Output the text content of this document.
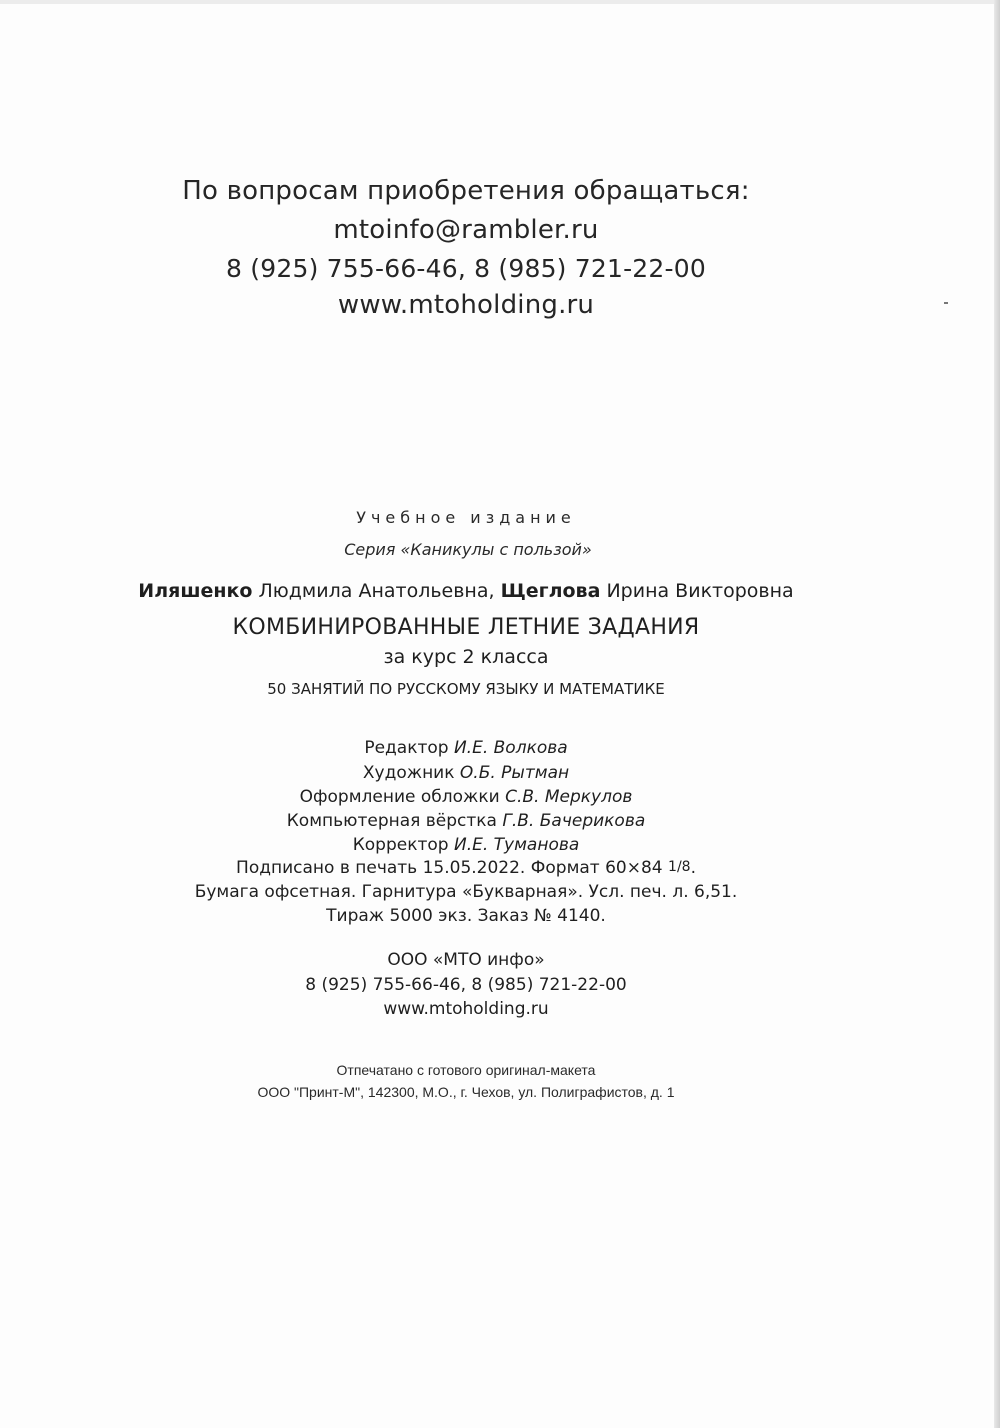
По вопросам приобретения обращаться:
mtoinfo@rambler.ru
8 (925) 755-66-46, 8 (985) 721-22-00
www.mtoholding.ru
Учебное издание
Серия «Каникулы с пользой»
Иляшенко Людмила Анатольевна, Щеглова Ирина Викторовна
КОМБИНИРОВАННЫЕ ЛЕТНИЕ ЗАДАНИЯ
за курс 2 класса
50 ЗАНЯТИЙ ПО РУССКОМУ ЯЗЫКУ И МАТЕМАТИКЕ
Редактор И.Е. Волкова
Художник О.Б. Рытман
Оформление обложки С.В. Меркулов
Компьютерная вёрстка Г.В. Бачерикова
Корректор И.Е. Туманова
Подписано в печать 15.05.2022. Формат 60×84 1/8.
Бумага офсетная. Гарнитура «Букварная». Усл. печ. л. 6,51.
Тираж 5000 экз. Заказ № 4140.
ООО «МТО инфо»
8 (925) 755-66-46, 8 (985) 721-22-00
www.mtoholding.ru
Отпечатано с готового оригинал-макета
ООО "Принт-М", 142300, М.О., г. Чехов, ул. Полиграфистов, д. 1
